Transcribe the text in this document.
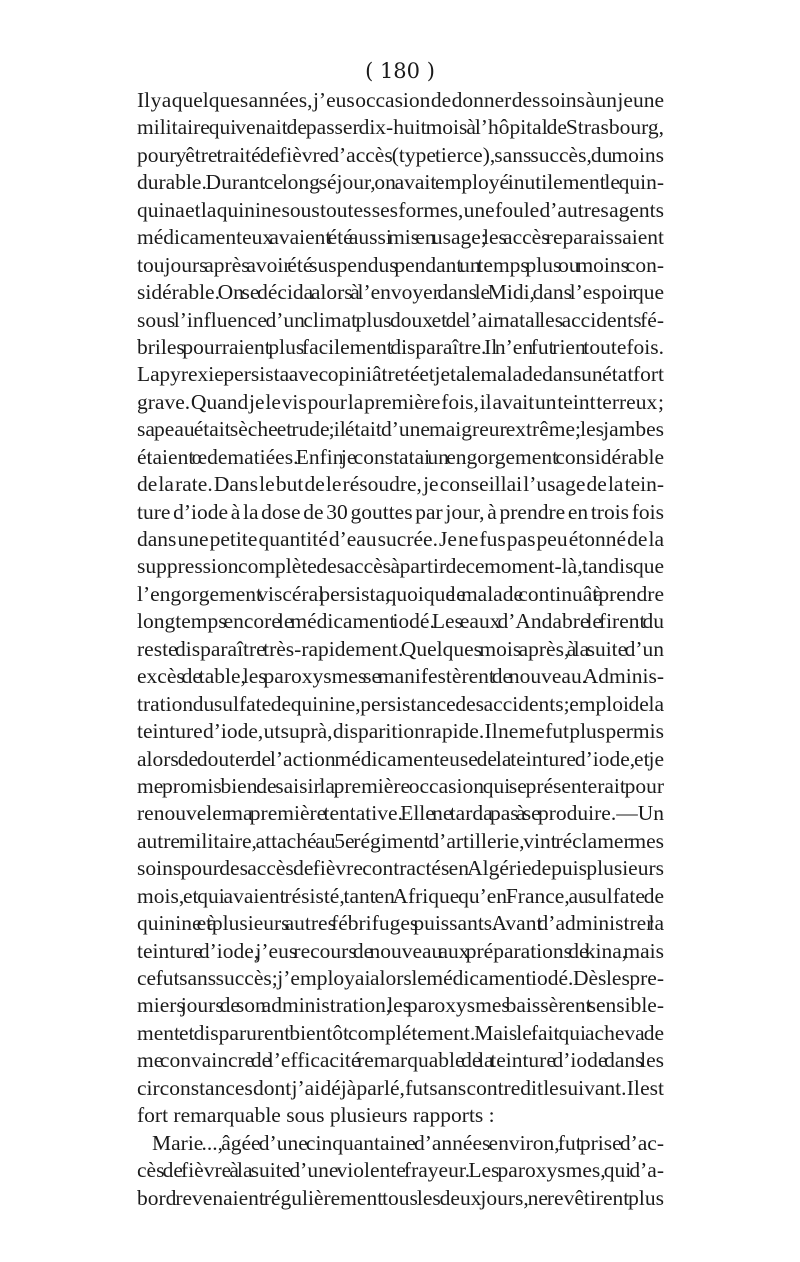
( 180 )
Il y a quelques années, j’eus occasion de donner des soins à un jeune
militaire qui venait de passer dix-huit mois à l’hôpital de Strasbourg,
pour y être traité de fièvre d’accès (type tierce), sans succès, du moins
durable. Durant ce long séjour, on avait employé inutilement le quin-
quina et la quinine sous toutes ses formes, une foule d’autres agents
médicamenteux avaient été aussi mis en usage; les accès reparaissaient
toujours après avoir été suspendus pendant un temps plus ou moins con-
sidérable. On se décida alors à l’envoyer dans le Midi, dans l’espoir que
sous l’influence d’un climat plus doux et de l’air natal les accidents fé-
briles pourraient plus facilement disparaître. Il n’en fut rien toutefois.
La pyrexie persista avec opiniâtreté et jeta le malade dans un état fort
grave. Quand je le vis pour la première fois, il avait un teint terreux ;
sa peau était sèche et rude ; il était d’une maigreur extrême; les jambes
étaient œdematiées. Enfin je constatai un engorgement considérable
de la rate. Dans le but de le résoudre, je conseillai l’usage de la tein-
ture d’iode à la dose de 30 gouttes par jour, à prendre en trois fois
dans une petite quantité d’eau sucrée. Je ne fus pas peu étonné de la
suppression complète des accès à partir de ce moment-là, tandis que
l’engorgement viscéral persista, quoique le malade continuât à prendre
longtemps encore le médicament iodé. Les eaux d’Andabre le firent du
reste disparaître très-rapidement. Quelques mois après, à la suite d’un
excès de table, les paroxysmes se manifestèrent de nouveau. Adminis-
tration du sulfate de quinine, persistance des accidents; emploi de la
teinture d’iode, ut suprà, disparition rapide. Il ne me fut plus permis
alors de douter de l’action médicamenteuse de la teinture d’iode, et je
me promis bien de saisir la première occasion qui se présenterait pour
renouveler ma première tentative. Elle ne tarda pas à se produire.—Un
autre militaire, attaché au 5e régiment d’artillerie, vint réclamer mes
soins pour des accès de fièvre contractés en Algérie depuis plusieurs
mois, et qui avaient résisté, tant en Afrique qu’en France, au sulfate de
quinine et à plusieurs autres fébrifuges puissants. Avant d’administrer la
teinture d’iode, j’eus recours de nouveau aux préparations de kina, mais
ce fut sans succès; j’employai alors le médicament iodé. Dès les pre-
miers jours de son administration, les paroxysmes baissèrent sensible-
ment et disparurent bientôt complétement. Mais le fait qui acheva de
me convaincre de l’efficacité remarquable de la teinture d’iode dans les
circonstances dont j’ai déjà parlé, fut sans contredit le suivant. Il est
fort remarquable sous plusieurs rapports :
Marie ..., âgée d’une cinquantaine d’années environ, fut prise d’ac-
cès de fièvre à la suite d’une violente frayeur. Les paroxysmes, qui d’a-
bord revenaient régulièrement tous les deux jours, ne revêtirent plus
